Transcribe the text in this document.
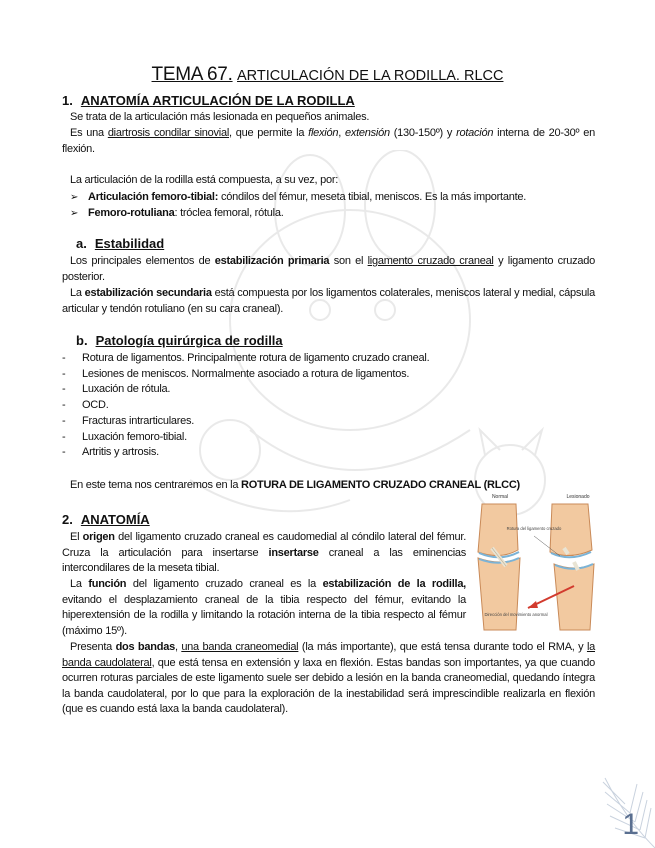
TEMA 67. ARTICULACIÓN DE LA RODILLA. RLCC
1. ANATOMÍA ARTICULACIÓN DE LA RODILLA
Se trata de la articulación más lesionada en pequeños animales.
Es una diartrosis condilar sinovial, que permite la flexión, extensión (130-150º) y rotación interna de 20-30º en flexión.
La articulación de la rodilla está compuesta, a su vez, por:
➢ Articulación femoro-tibial: cóndilos del fémur, meseta tibial, meniscos. Es la más importante.
➢ Femoro-rotuliana: tróclea femoral, rótula.
a. Estabilidad
Los principales elementos de estabilización primaria son el ligamento cruzado craneal y ligamento cruzado posterior.
La estabilización secundaria está compuesta por los ligamentos colaterales, meniscos lateral y medial, cápsula articular y tendón rotuliano (en su cara craneal).
b. Patología quirúrgica de rodilla
- Rotura de ligamentos. Principalmente rotura de ligamento cruzado craneal.
- Lesiones de meniscos. Normalmente asociado a rotura de ligamentos.
- Luxación de rótula.
- OCD.
- Fracturas intrarticulares.
- Luxación femoro-tibial.
- Artritis y artrosis.
En este tema nos centraremos en la ROTURA DE LIGAMENTO CRUZADO CRANEAL (RLCC)
2. ANATOMÍA
El origen del ligamento cruzado craneal es caudomedial al cóndilo lateral del fémur. Cruza la articulación para insertarse insertarse craneal a las eminencias intercondilares de la meseta tibial.
La función del ligamento cruzado craneal es la estabilización de la rodilla, evitando el desplazamiento craneal de la tibia respecto del fémur, evitando la hiperextensión de la rodilla y limitando la rotación interna de la tibia respecto al fémur (máximo 15º).
Presenta dos bandas, una banda craneomedial (la más importante), que está tensa durante todo el RMA, y la banda caudolateral, que está tensa en extensión y laxa en flexión. Estas bandas son importantes, ya que cuando ocurren roturas parciales de este ligamento suele ser debido a lesión en la banda craneomedial, quedando íntegra la banda caudolateral, por lo que para la exploración de la inestabilidad será imprescindible realizarla en flexión (que es cuando está laxa la banda caudolateral).
Normal	Lesionado
Rotura del ligamento cruzado
Dirección del movimiento anormal
1
